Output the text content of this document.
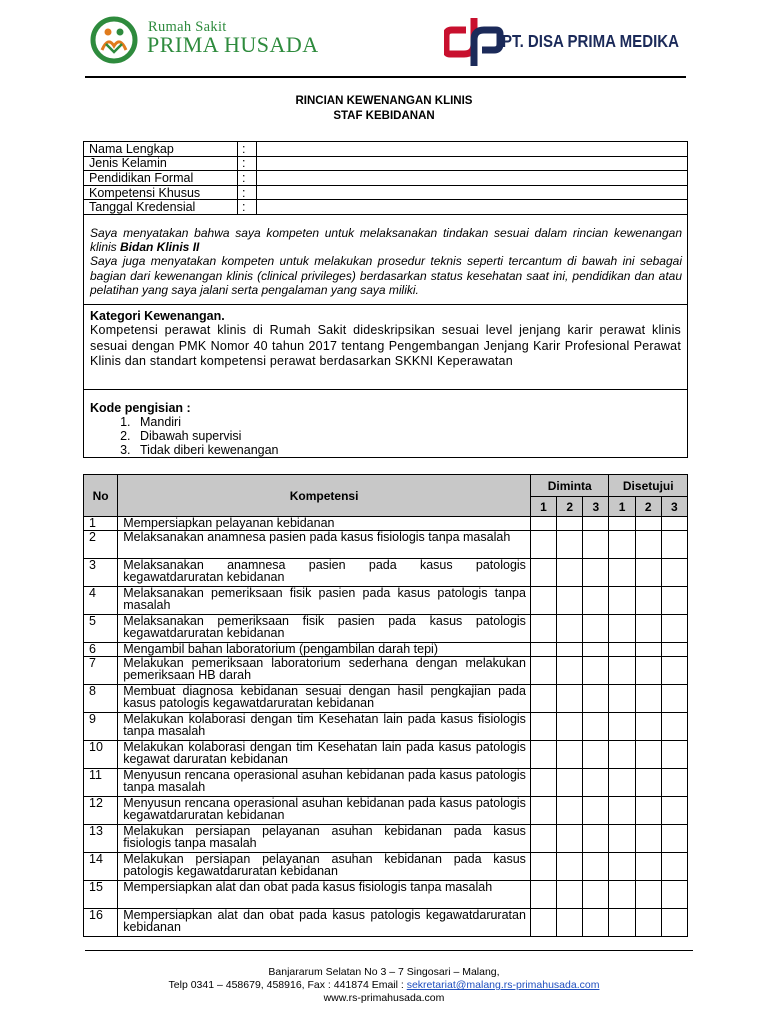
Rumah Sakit
PRIMA HUSADA	PT. DISA PRIMA MEDIKA
RINCIAN KEWENANGAN KLINIS
STAF KEBIDANAN
Nama Lengkap	:	
Jenis Kelamin	:	
Pendidikan Formal	:	
Kompetensi Khusus	:	
Tanggal Kredensial	:	
Saya menyatakan bahwa saya kompeten untuk melaksanakan tindakan sesuai dalam rincian kewenangan klinis Bidan Klinis II
Saya juga menyatakan kompeten untuk melakukan prosedur teknis seperti tercantum di bawah ini sebagai bagian dari kewenangan klinis (clinical privileges) berdasarkan status kesehatan saat ini, pendidikan dan atau pelatihan yang saya jalani serta pengalaman yang saya miliki.
Kategori Kewenangan.
Kompetensi perawat klinis di Rumah Sakit dideskripsikan sesuai level jenjang karir perawat klinis sesuai dengan PMK Nomor 40 tahun 2017 tentang Pengembangan Jenjang Karir Profesional Perawat Klinis dan standart kompetensi perawat berdasarkan SKKNI Keperawatan
Kode pengisian :
1. Mandiri
2. Dibawah supervisi
3. Tidak diberi kewenangan
No	Kompetensi	Diminta			Disetujui		
		1	2	3	1	2	3
1	Mempersiapkan pelayanan kebidanan						
2	Melaksanakan anamnesa pasien pada kasus fisiologis tanpa masalah						
3	Melaksanakan anamnesa pasien pada kasus patologis kegawatdaruratan kebidanan						
4	Melaksanakan pemeriksaan fisik pasien pada kasus patologis tanpa masalah						
5	Melaksanakan pemeriksaan fisik pasien pada kasus patologis kegawatdaruratan kebidanan						
6	Mengambil bahan laboratorium (pengambilan darah tepi)						
7	Melakukan pemeriksaan laboratorium sederhana dengan melakukan pemeriksaan HB darah						
8	Membuat diagnosa kebidanan sesuai dengan hasil pengkajian pada kasus patologis kegawatdaruratan kebidanan						
9	Melakukan kolaborasi dengan tim Kesehatan lain pada kasus fisiologis tanpa masalah						
10	Melakukan kolaborasi dengan tim Kesehatan lain pada kasus patologis kegawat daruratan kebidanan						
11	Menyusun rencana operasional asuhan kebidanan pada kasus patologis tanpa masalah						
12	Menyusun rencana operasional asuhan kebidanan pada kasus patologis kegawatdaruratan kebidanan						
13	Melakukan persiapan pelayanan asuhan kebidanan pada kasus fisiologis tanpa masalah						
14	Melakukan persiapan pelayanan asuhan kebidanan pada kasus patologis kegawatdaruratan kebidanan						
15	Mempersiapkan alat dan obat pada kasus fisiologis tanpa masalah						
16	Mempersiapkan alat dan obat pada kasus patologis kegawatdaruratan kebidanan						
Banjararum Selatan No 3 – 7 Singosari – Malang,
Telp 0341 – 458679, 458916, Fax : 441874 Email : sekretariat@malang.rs-primahusada.com
www.rs-primahusada.com
